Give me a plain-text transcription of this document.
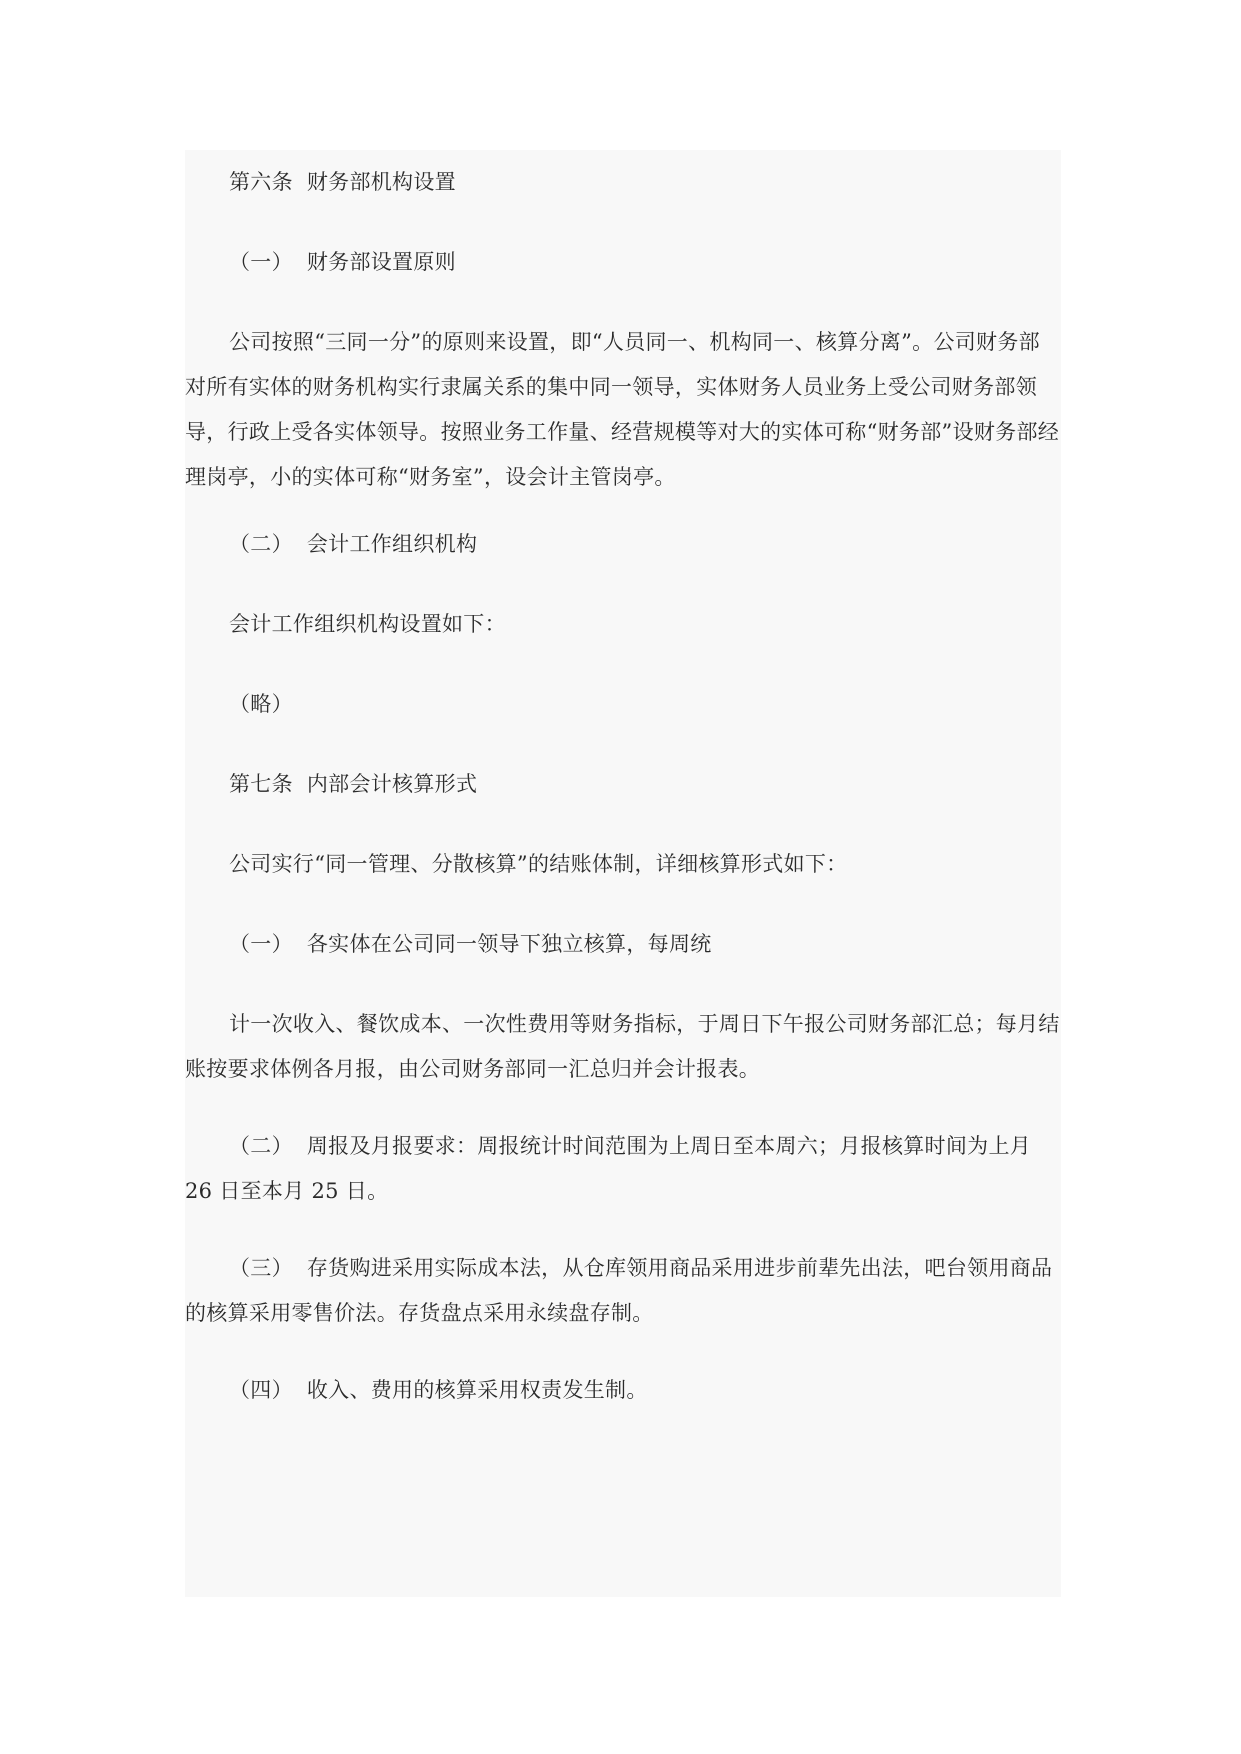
第六条  财务部机构设置

（一）  财务部设置原则

公司按照“三同一分”的原则来设置，即“人员同一、机构同一、核算分离”。公司财务部对所有实体的财务机构实行隶属关系的集中同一领导，实体财务人员业务上受公司财务部领导，行政上受各实体领导。按照业务工作量、经营规模等对大的实体可称“财务部”设财务部经理岗亭，小的实体可称“财务室”，设会计主管岗亭。

（二）  会计工作组织机构

会计工作组织机构设置如下：

（略）

第七条  内部会计核算形式

公司实行“同一管理、分散核算”的结账体制，详细核算形式如下：

（一）  各实体在公司同一领导下独立核算，每周统

计一次收入、餐饮成本、一次性费用等财务指标，于周日下午报公司财务部汇总；每月结账按要求体例各月报，由公司财务部同一汇总归并会计报表。

（二）  周报及月报要求：周报统计时间范围为上周日至本周六；月报核算时间为上月 26 日至本月 25 日。

（三）  存货购进采用实际成本法，从仓库领用商品采用进步前辈先出法，吧台领用商品的核算采用零售价法。存货盘点采用永续盘存制。

（四）  收入、费用的核算采用权责发生制。
